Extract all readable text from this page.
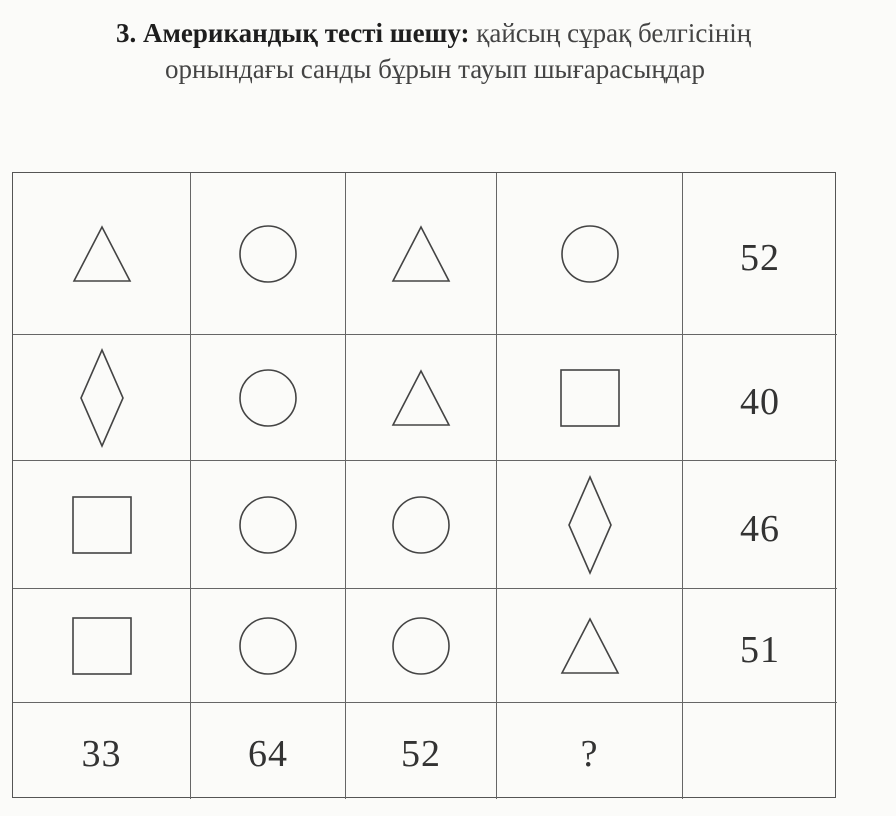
3. Американдық тесті шешу: қайсың сұрақ белгісінің
орнындағы санды бұрын тауып шығарасыңдар
52
40
46
51
33	64	52	?
